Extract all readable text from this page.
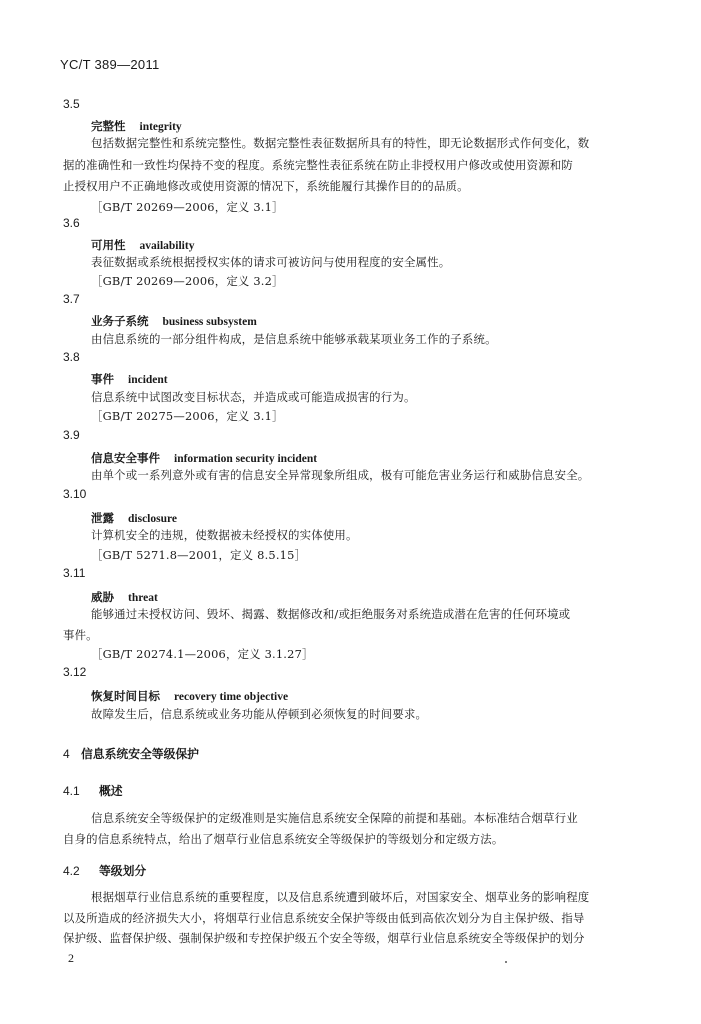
YC/T 389—2011
3.5
完整性 integrity
包括数据完整性和系统完整性。数据完整性表征数据所具有的特性，即无论数据形式作何变化，数
据的准确性和一致性均保持不变的程度。系统完整性表征系统在防止非授权用户修改或使用资源和防
止授权用户不正确地修改或使用资源的情况下，系统能履行其操作目的的品质。
［GB/T 20269—2006，定义 3.1］
3.6
可用性 availability
表征数据或系统根据授权实体的请求可被访问与使用程度的安全属性。
［GB/T 20269—2006，定义 3.2］
3.7
业务子系统 business subsystem
由信息系统的一部分组件构成，是信息系统中能够承载某项业务工作的子系统。
3.8
事件 incident
信息系统中试图改变目标状态，并造成或可能造成损害的行为。
［GB/T 20275—2006，定义 3.1］
3.9
信息安全事件 information security incident
由单个或一系列意外或有害的信息安全异常现象所组成，极有可能危害业务运行和威胁信息安全。
3.10
泄露 disclosure
计算机安全的违规，使数据被未经授权的实体使用。
［GB/T 5271.8—2001，定义 8.5.15］
3.11
威胁 threat
能够通过未授权访问、毁坏、揭露、数据修改和/或拒绝服务对系统造成潜在危害的任何环境或
事件。
［GB/T 20274.1—2006，定义 3.1.27］
3.12
恢复时间目标 recovery time objective
故障发生后，信息系统或业务功能从停顿到必须恢复的时间要求。
4 信息系统安全等级保护
4.1 概述
信息系统安全等级保护的定级准则是实施信息系统安全保障的前提和基础。本标准结合烟草行业
自身的信息系统特点，给出了烟草行业信息系统安全等级保护的等级划分和定级方法。
4.2 等级划分
根据烟草行业信息系统的重要程度，以及信息系统遭到破坏后，对国家安全、烟草业务的影响程度
以及所造成的经济损失大小，将烟草行业信息系统安全保护等级由低到高依次划分为自主保护级、指导
保护级、监督保护级、强制保护级和专控保护级五个安全等级，烟草行业信息系统安全等级保护的划分
2
